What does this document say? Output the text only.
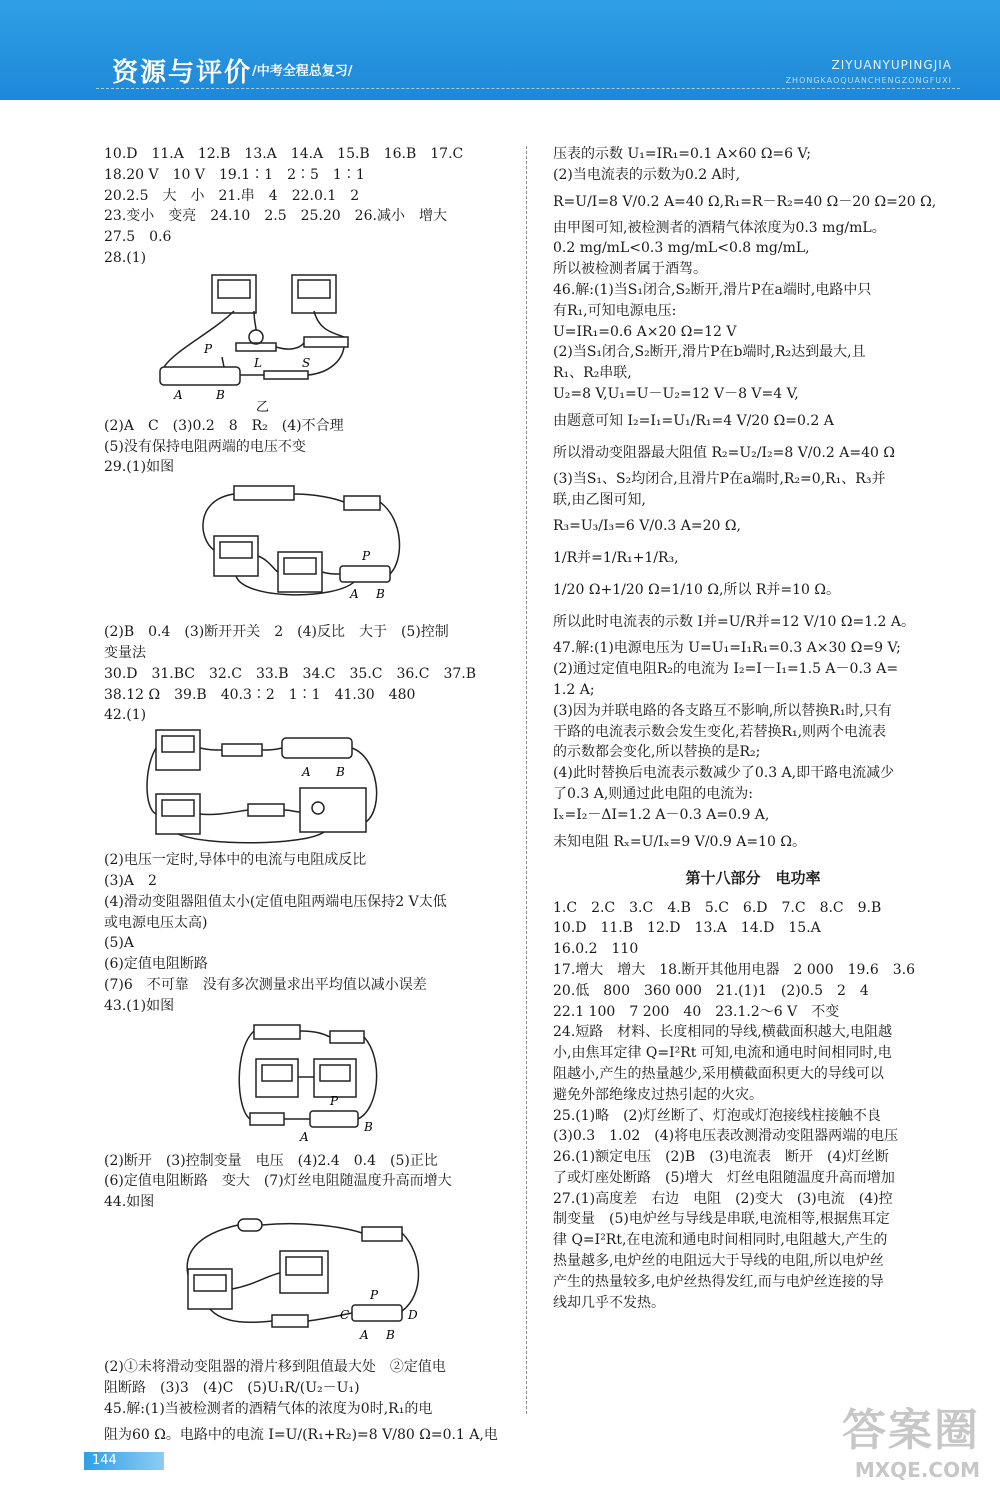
资源与评价 /中考全程总复习/	ZIYUANYUPINGJIA
ZHONGKAOQUANCHENGZONGFUXI
10.D　11.A　12.B　13.A　14.A　15.B　16.B　17.C
18.20 V　10 V　19.1∶1　2∶5　1∶1
20.2.5　大　小　21.串　4　22.0.1　2
23.变小　变亮　24.10　2.5　25.20　26.减小　增大
27.5　0.6
28.(1)
P
L	S
A	B
乙
(2)A　C　(3)0.2　8　R₂　(4)不合理
(5)没有保持电阻两端的电压不变
29.(1)如图
P
A B
(2)B　0.4　(3)断开开关　2　(4)反比　大于　(5)控制
变量法
30.D　31.BC　32.C　33.B　34.C　35.C　36.C　37.B
38.12 Ω　39.B　40.3∶2　1∶1　41.30　480
42.(1)
A B
(2)电压一定时,导体中的电流与电阻成反比
(3)A　2
(4)滑动变阻器阻值太小(定值电阻两端电压保持2 V太低
或电源电压太高)
(5)A
(6)定值电阻断路
(7)6　不可靠　没有多次测量求出平均值以减小误差
43.(1)如图
P
A
B
(2)断开　(3)控制变量　电压　(4)2.4　0.4　(5)正比
(6)定值电阻断路　变大　(7)灯丝电阻随温度升高而增大
44.如图
P
C	D
A B
(2)①未将滑动变阻器的滑片移到阻值最大处　②定值电
阻断路　(3)3　(4)C　(5)U₁R/(U₂－U₁)
45.解:(1)当被检测者的酒精气体的浓度为0时,R₁的电
阻为60 Ω。电路中的电流 I=U/(R₁+R₂)=8 V/80 Ω=0.1 A,电
压表的示数 U₁=IR₁=0.1 A×60 Ω=6 V;
(2)当电流表的示数为0.2 A时,
R=U/I=8 V/0.2 A=40 Ω,R₁=R－R₂=40 Ω－20 Ω=20 Ω,
由甲图可知,被检测者的酒精气体浓度为0.3 mg/mL。
0.2 mg/mL<0.3 mg/mL<0.8 mg/mL,
所以被检测者属于酒驾。
46.解:(1)当S₁闭合,S₂断开,滑片P在a端时,电路中只
有R₁,可知电源电压:
U=IR₁=0.6 A×20 Ω=12 V
(2)当S₁闭合,S₂断开,滑片P在b端时,R₂达到最大,且
R₁、R₂串联,
U₂=8 V,U₁=U－U₂=12 V－8 V=4 V,
由题意可知 I₂=I₁=U₁/R₁=4 V/20 Ω=0.2 A
所以滑动变阻器最大阻值 R₂=U₂/I₂=8 V/0.2 A=40 Ω
(3)当S₁、S₂均闭合,且滑片P在a端时,R₂=0,R₁、R₃并
联,由乙图可知,
R₃=U₃/I₃=6 V/0.3 A=20 Ω,
1/R并=1/R₁+1/R₃,
1/20 Ω+1/20 Ω=1/10 Ω,所以 R并=10 Ω。
所以此时电流表的示数 I并=U/R并=12 V/10 Ω=1.2 A。
47.解:(1)电源电压为 U=U₁=I₁R₁=0.3 A×30 Ω=9 V;
(2)通过定值电阻R₂的电流为 I₂=I－I₁=1.5 A－0.3 A=
1.2 A;
(3)因为并联电路的各支路互不影响,所以替换R₁时,只有
干路的电流表示数会发生变化,若替换R₁,则两个电流表
的示数都会变化,所以替换的是R₂;
(4)此时替换后电流表示数减少了0.3 A,即干路电流减少
了0.3 A,则通过此电阻的电流为:
Iₓ=I₂－ΔI=1.2 A－0.3 A=0.9 A,
未知电阻 Rₓ=U/Iₓ=9 V/0.9 A=10 Ω。
第十八部分　电功率
1.C　2.C　3.C　4.B　5.C　6.D　7.C　8.C　9.B
10.D　11.B　12.D　13.A　14.D　15.A
16.0.2　110
17.增大　增大　18.断开其他用电器　2 000　19.6　3.6
20.低　800　360 000　21.(1)1　(2)0.5　2　4
22.1 100　7 200　40　23.1.2～6 V　不变
24.短路　材料、长度相同的导线,横截面积越大,电阻越
小,由焦耳定律 Q=I²Rt 可知,电流和通电时间相同时,电
阻越小,产生的热量越少,采用横截面积更大的导线可以
避免外部绝缘皮过热引起的火灾。
25.(1)略　(2)灯丝断了、灯泡或灯泡接线柱接触不良
(3)0.3　1.02　(4)将电压表改测滑动变阻器两端的电压
26.(1)额定电压　(2)B　(3)电流表　断开　(4)灯丝断
了或灯座处断路　(5)增大　灯丝电阻随温度升高而增加
27.(1)高度差　右边　电阻　(2)变大　(3)电流　(4)控
制变量　(5)电炉丝与导线是串联,电流相等,根据焦耳定
律 Q=I²Rt,在电流和通电时间相同时,电阻越大,产生的
热量越多,电炉丝的电阻远大于导线的电阻,所以电炉丝
产生的热量较多,电炉丝热得发红,而与电炉丝连接的导
线却几乎不发热。
144
答案圈
MXQE.COM
